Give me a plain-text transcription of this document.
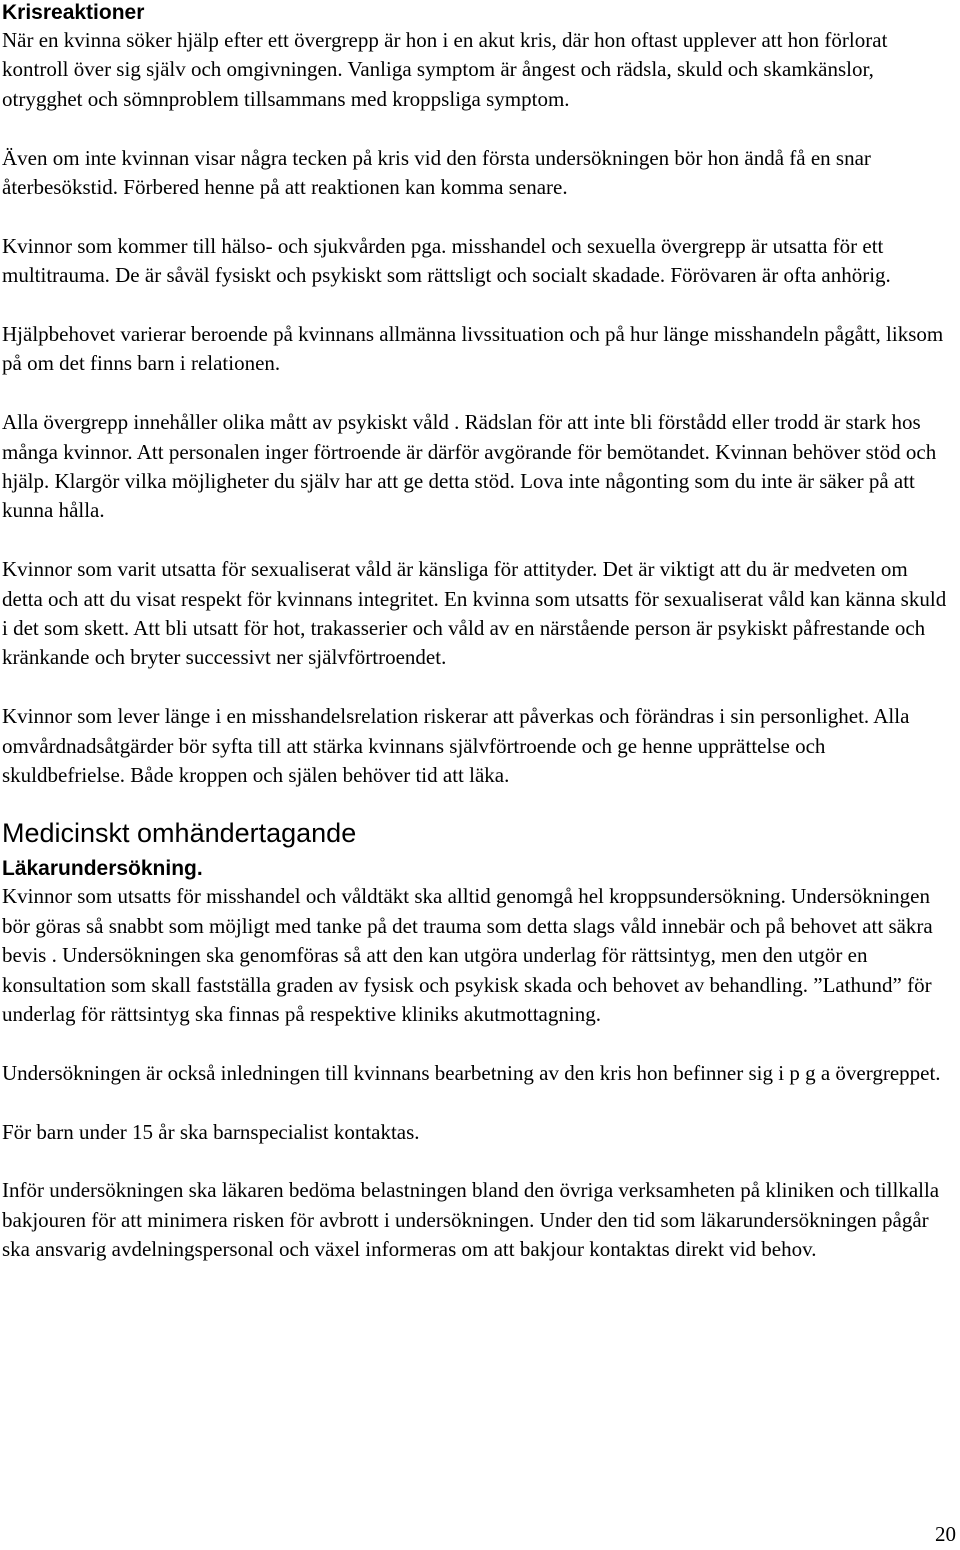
Krisreaktioner

När en kvinna söker hjälp efter ett övergrepp är hon i en akut kris, där hon oftast upplever att hon förlorat kontroll över sig själv och omgivningen. Vanliga symptom är ångest och rädsla, skuld och skamkänslor, otrygghet och sömnproblem tillsammans med kroppsliga symptom.

Även om inte kvinnan visar några tecken på kris vid den första undersökningen bör hon ändå få en snar återbesökstid. Förbered henne på att reaktionen kan komma senare.

Kvinnor som kommer till hälso- och sjukvården pga. misshandel och sexuella övergrepp är utsatta för ett multitrauma. De är såväl fysiskt och psykiskt som rättsligt och socialt skadade. Förövaren är ofta anhörig.

Hjälpbehovet varierar beroende på kvinnans allmänna livssituation och på hur länge misshandeln pågått, liksom på om det finns barn i relationen.

Alla övergrepp innehåller olika mått av psykiskt våld . Rädslan för att inte bli förstådd eller trodd är stark hos många kvinnor. Att personalen inger förtroende är därför avgörande för bemötandet. Kvinnan behöver stöd och hjälp. Klargör vilka möjligheter du själv har att ge detta stöd. Lova inte någonting som du inte är säker på att kunna hålla.

Kvinnor som varit utsatta för sexualiserat våld är känsliga för attityder. Det är viktigt att du är medveten om detta och att du visat respekt för kvinnans integritet. En kvinna som utsatts för sexualiserat våld kan känna skuld i det som skett. Att bli utsatt för hot, trakasserier och våld av en närstående person är psykiskt påfrestande och kränkande och bryter successivt ner självförtroendet.

Kvinnor som lever länge i en misshandelsrelation riskerar att påverkas och förändras i sin personlighet. Alla omvårdnadsåtgärder bör syfta till att stärka kvinnans självförtroende och ge henne upprättelse och skuldbefrielse. Både kroppen och själen behöver tid att läka.

Medicinskt omhändertagande
Läkarundersökning.

Kvinnor som utsatts för misshandel och våldtäkt ska alltid genomgå hel kroppsundersökning. Undersökningen bör göras så snabbt som möjligt med tanke på det trauma som detta slags våld innebär och på behovet att säkra bevis . Undersökningen ska genomföras så att den kan utgöra underlag för rättsintyg, men den utgör en konsultation som skall fastställa graden av fysisk och psykisk skada och behovet av behandling. ”Lathund” för underlag för rättsintyg ska finnas på respektive kliniks akutmottagning.

Undersökningen är också inledningen till kvinnans bearbetning av den kris hon befinner sig i p g a övergreppet.

För barn under 15 år ska barnspecialist kontaktas.

Inför undersökningen ska läkaren bedöma belastningen bland den övriga verksamheten på kliniken och tillkalla bakjouren för att minimera risken för avbrott i undersökningen. Under den tid som läkarundersökningen pågår ska ansvarig avdelningspersonal och växel informeras om att bakjour kontaktas direkt vid behov.

20
